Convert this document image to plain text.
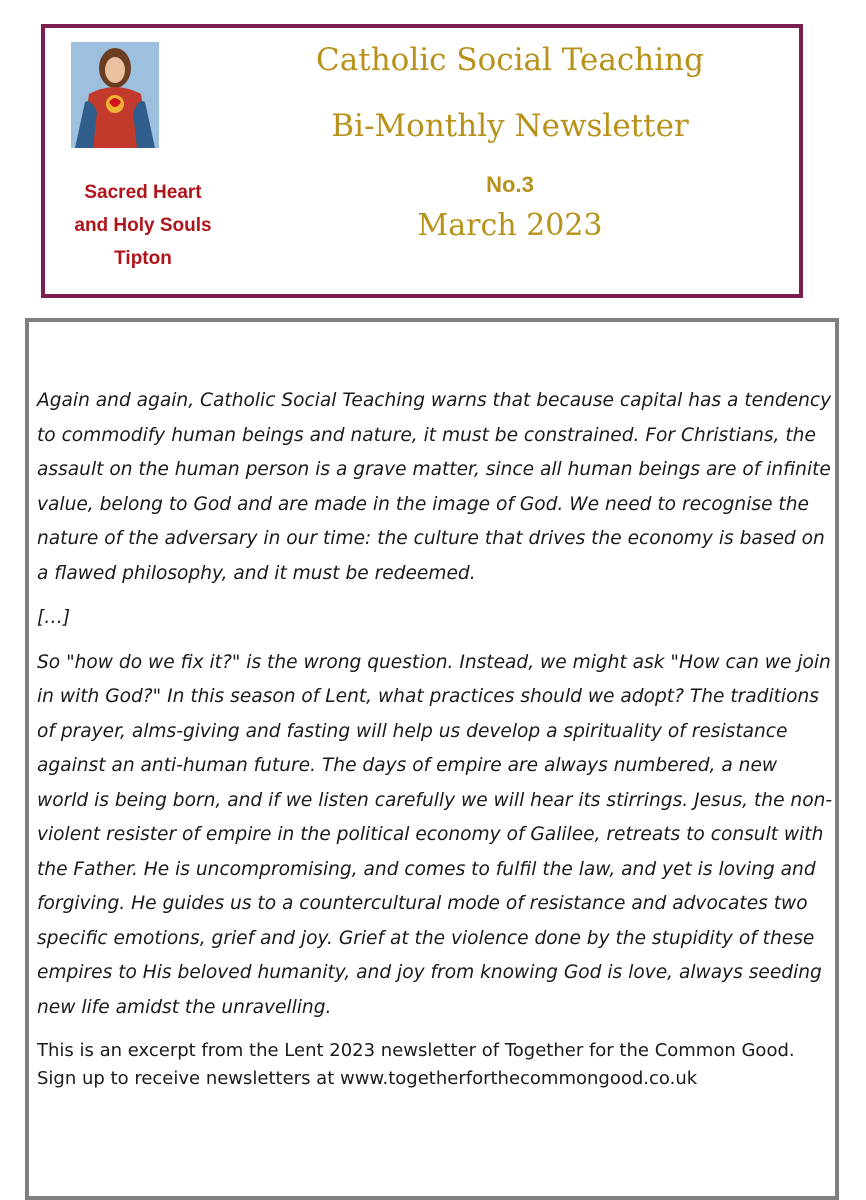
Sacred Heart
and Holy Souls
Tipton
Catholic Social Teaching
Bi-Monthly Newsletter
No.3
March 2023

Again and again, Catholic Social Teaching warns that because capital has a tendency to commodify human beings and nature, it must be constrained. For Christians, the assault on the human person is a grave matter, since all human beings are of infinite value, belong to God and are made in the image of God. We need to recognise the nature of the adversary in our time: the culture that drives the economy is based on a flawed philosophy, and it must be redeemed.

[…]

So "how do we fix it?" is the wrong question. Instead, we might ask "How can we join in with God?" In this season of Lent, what practices should we adopt? The traditions of prayer, alms-giving and fasting will help us develop a spirituality of resistance against an anti-human future. The days of empire are always numbered, a new world is being born, and if we listen carefully we will hear its stirrings. Jesus, the non-violent resister of empire in the political economy of Galilee, retreats to consult with the Father. He is uncompromising, and comes to fulfil the law, and yet is loving and forgiving. He guides us to a countercultural mode of resistance and advocates two specific emotions, grief and joy. Grief at the violence done by the stupidity of these empires to His beloved humanity, and joy from knowing God is love, always seeding new life amidst the unravelling.

This is an excerpt from the Lent 2023 newsletter of Together for the Common Good.
Sign up to receive newsletters at www.togetherforthecommongood.co.uk
